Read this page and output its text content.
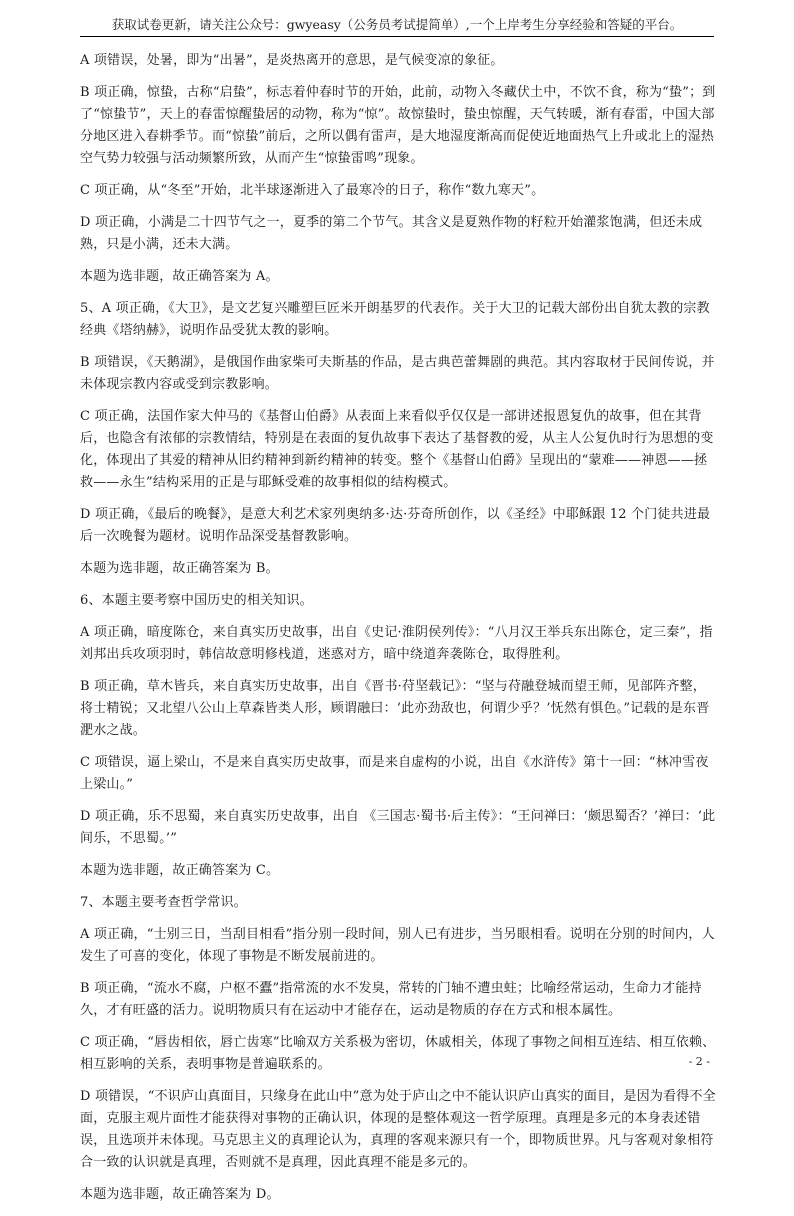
获取试卷更新，请关注公众号：gwyeasy（公务员考试提简单）,一个上岸考生分享经验和答疑的平台。

A 项错误，处暑，即为“出暑”，是炎热离开的意思，是气候变凉的象征。

B 项正确，惊蛰，古称“启蛰”，标志着仲春时节的开始，此前，动物入冬藏伏土中，不饮不食，称为“蛰”；到了“惊蛰节”，天上的春雷惊醒蛰居的动物，称为“惊”。故惊蛰时，蛰虫惊醒，天气转暖，渐有春雷，中国大部分地区进入春耕季节。而“惊蛰”前后，之所以偶有雷声，是大地湿度渐高而促使近地面热气上升或北上的湿热空气势力较强与活动频繁所致，从而产生“惊蛰雷鸣”现象。

C 项正确，从“冬至”开始，北半球逐渐进入了最寒冷的日子，称作“数九寒天”。

D 项正确，小满是二十四节气之一，夏季的第二个节气。其含义是夏熟作物的籽粒开始灌浆饱满，但还未成熟，只是小满，还未大满。

本题为选非题，故正确答案为 A。

5、A 项正确，《大卫》，是文艺复兴雕塑巨匠米开朗基罗的代表作。关于大卫的记载大部份出自犹太教的宗教经典《塔纳赫》，说明作品受犹太教的影响。

B 项错误，《天鹅湖》，是俄国作曲家柴可夫斯基的作品，是古典芭蕾舞剧的典范。其内容取材于民间传说，并未体现宗教内容或受到宗教影响。

C 项正确，法国作家大仲马的《基督山伯爵》从表面上来看似乎仅仅是一部讲述报恩复仇的故事，但在其背后，也隐含有浓郁的宗教情结，特别是在表面的复仇故事下表达了基督教的爱，从主人公复仇时行为思想的变化，体现出了其爱的精神从旧约精神到新约精神的转变。整个《基督山伯爵》呈现出的“蒙难——神恩——拯救——永生”结构采用的正是与耶稣受难的故事相似的结构模式。

D 项正确，《最后的晚餐》，是意大利艺术家列奥纳多·达·芬奇所创作，以《圣经》中耶稣跟 12 个门徒共进最后一次晚餐为题材。说明作品深受基督教影响。

本题为选非题，故正确答案为 B。

6、本题主要考察中国历史的相关知识。

A 项正确，暗度陈仓，来自真实历史故事，出自《史记·淮阴侯列传》：“八月汉王举兵东出陈仓，定三秦”，指刘邦出兵攻项羽时，韩信故意明修栈道，迷惑对方，暗中绕道奔袭陈仓，取得胜利。

B 项正确，草木皆兵，来自真实历史故事，出自《晋书·苻坚载记》：“坚与苻融登城而望王师，见部阵齐整，将士精锐；又北望八公山上草森皆类人形，顾谓融曰：‘此亦劲敌也，何谓少乎？’怃然有惧色。”记载的是东晋淝水之战。

C 项错误，逼上梁山，不是来自真实历史故事，而是来自虚构的小说，出自《水浒传》第十一回：“林冲雪夜上梁山。”

D 项正确，乐不思蜀，来自真实历史故事，出自 《三国志·蜀书·后主传》：“王问禅曰：‘颇思蜀否？’禅曰：‘此间乐，不思蜀。’”

本题为选非题，故正确答案为 C。

7、本题主要考查哲学常识。

A 项正确，“士别三日，当刮目相看”指分别一段时间，别人已有进步，当另眼相看。说明在分别的时间内，人发生了可喜的变化，体现了事物是不断发展前进的。

B 项正确，“流水不腐，户枢不蠹”指常流的水不发臭，常转的门轴不遭虫蛀；比喻经常运动，生命力才能持久，才有旺盛的活力。说明物质只有在运动中才能存在，运动是物质的存在方式和根本属性。

C 项正确，“唇齿相依，唇亡齿寒”比喻双方关系极为密切，休戚相关，体现了事物之间相互连结、相互依赖、相互影响的关系，表明事物是普遍联系的。

D 项错误，“不识庐山真面目，只缘身在此山中”意为处于庐山之中不能认识庐山真实的面目，是因为看得不全面，克服主观片面性才能获得对事物的正确认识，体现的是整体观这一哲学原理。真理是多元的本身表述错误，且选项并未体现。马克思主义的真理论认为，真理的客观来源只有一个，即物质世界。凡与客观对象相符合一致的认识就是真理，否则就不是真理，因此真理不能是多元的。

本题为选非题，故正确答案为 D。

- 2 -
